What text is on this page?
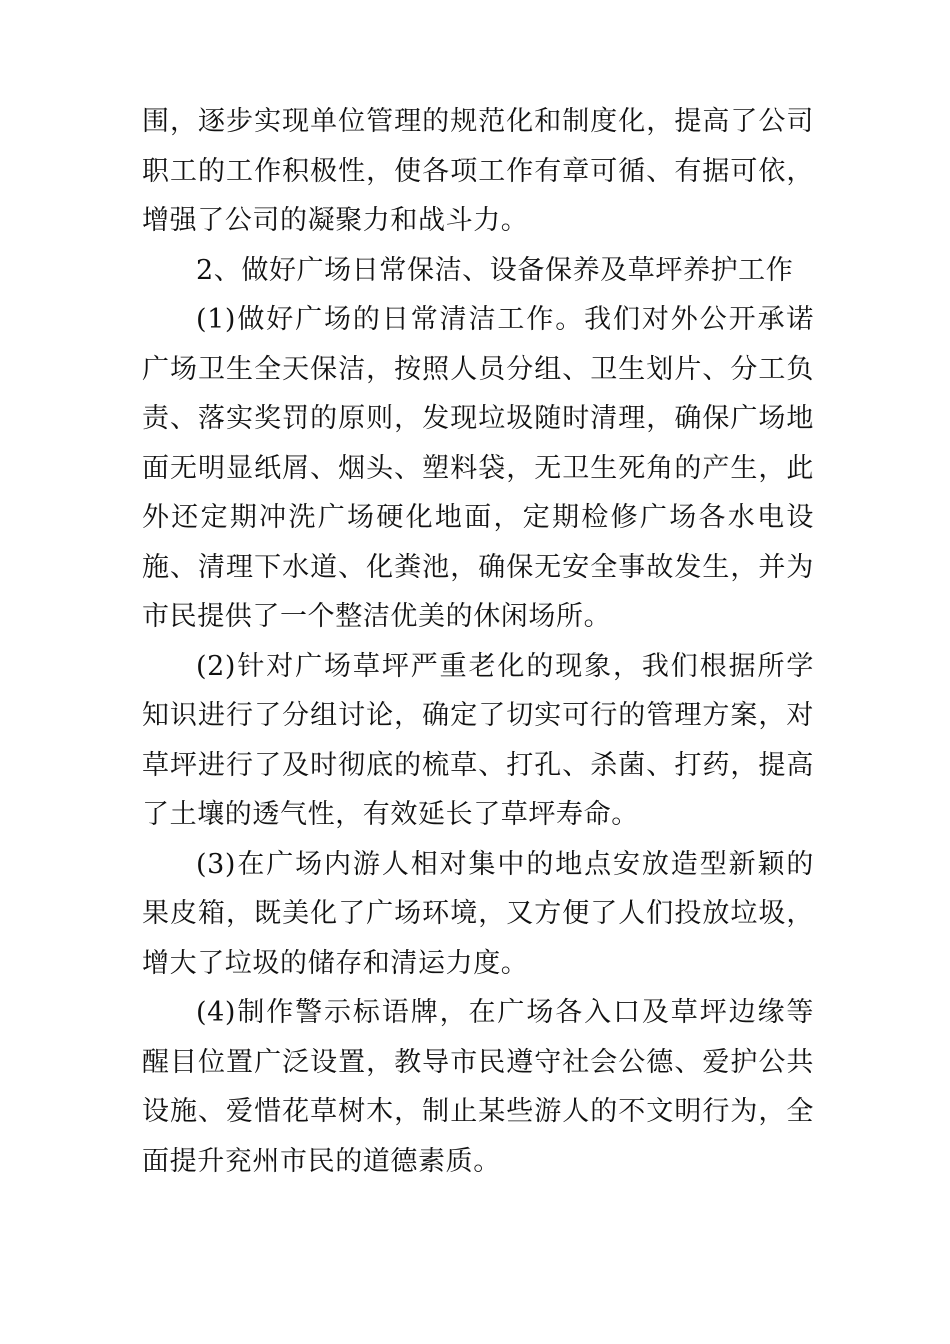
围，逐步实现单位管理的规范化和制度化，提高了公司职工的工作积极性，使各项工作有章可循、有据可依，增强了公司的凝聚力和战斗力。

2、做好广场日常保洁、设备保养及草坪养护工作

(1)做好广场的日常清洁工作。我们对外公开承诺广场卫生全天保洁，按照人员分组、卫生划片、分工负责、落实奖罚的原则，发现垃圾随时清理，确保广场地面无明显纸屑、烟头、塑料袋，无卫生死角的产生，此外还定期冲洗广场硬化地面，定期检修广场各水电设施、清理下水道、化粪池，确保无安全事故发生，并为市民提供了一个整洁优美的休闲场所。

(2)针对广场草坪严重老化的现象，我们根据所学知识进行了分组讨论，确定了切实可行的管理方案，对草坪进行了及时彻底的梳草、打孔、杀菌、打药，提高了土壤的透气性，有效延长了草坪寿命。

(3)在广场内游人相对集中的地点安放造型新颖的果皮箱，既美化了广场环境，又方便了人们投放垃圾，增大了垃圾的储存和清运力度。

(4)制作警示标语牌，在广场各入口及草坪边缘等醒目位置广泛设置，教导市民遵守社会公德、爱护公共设施、爱惜花草树木，制止某些游人的不文明行为，全面提升兖州市民的道德素质。
